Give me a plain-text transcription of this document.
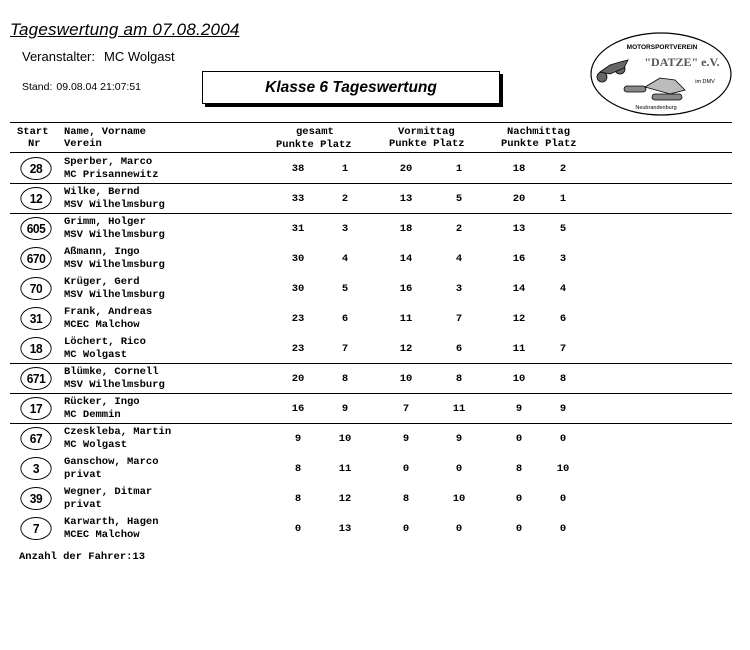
Tageswertung am 07.08.2004
Veranstalter: MC Wolgast
Stand: 09.08.04 21:07:51	Klasse 6 Tageswertung
MOTORSPORTVEREIN
"DATZE" e.V.
im DMV
Neubrandenburg
Start
Nr
Name, Vorname
Verein
gesamt
Punkte Platz
Vormittag
Punkte Platz
Nachmittag
Punkte Platz
28	Sperber, Marco
MC Prisannewitz	38	1	20	1	18	2
12	Wilke, Bernd
MSV Wilhelmsburg	33	2	13	5	20	1
605	Grimm, Holger
MSV Wilhelmsburg	31	3	18	2	13	5
670	Aßmann, Ingo
MSV Wilhelmsburg	30	4	14	4	16	3
70	Krüger, Gerd
MSV Wilhelmsburg	30	5	16	3	14	4
31	Frank, Andreas
MCEC Malchow	23	6	11	7	12	6
18	Löchert, Rico
MC Wolgast	23	7	12	6	11	7
671	Blümke, Cornell
MSV Wilhelmsburg	20	8	10	8	10	8
17	Rücker, Ingo
MC Demmin	16	9	7	11	9	9
67	Czeskleba, Martin
MC Wolgast	9	10	9	9	0	0
3	Ganschow, Marco
privat	8	11	0	0	8	10
39	Wegner, Ditmar
privat	8	12	8	10	0	0
7	Karwarth, Hagen
MCEC Malchow	0	13	0	0	0	0
Anzahl der Fahrer:13
